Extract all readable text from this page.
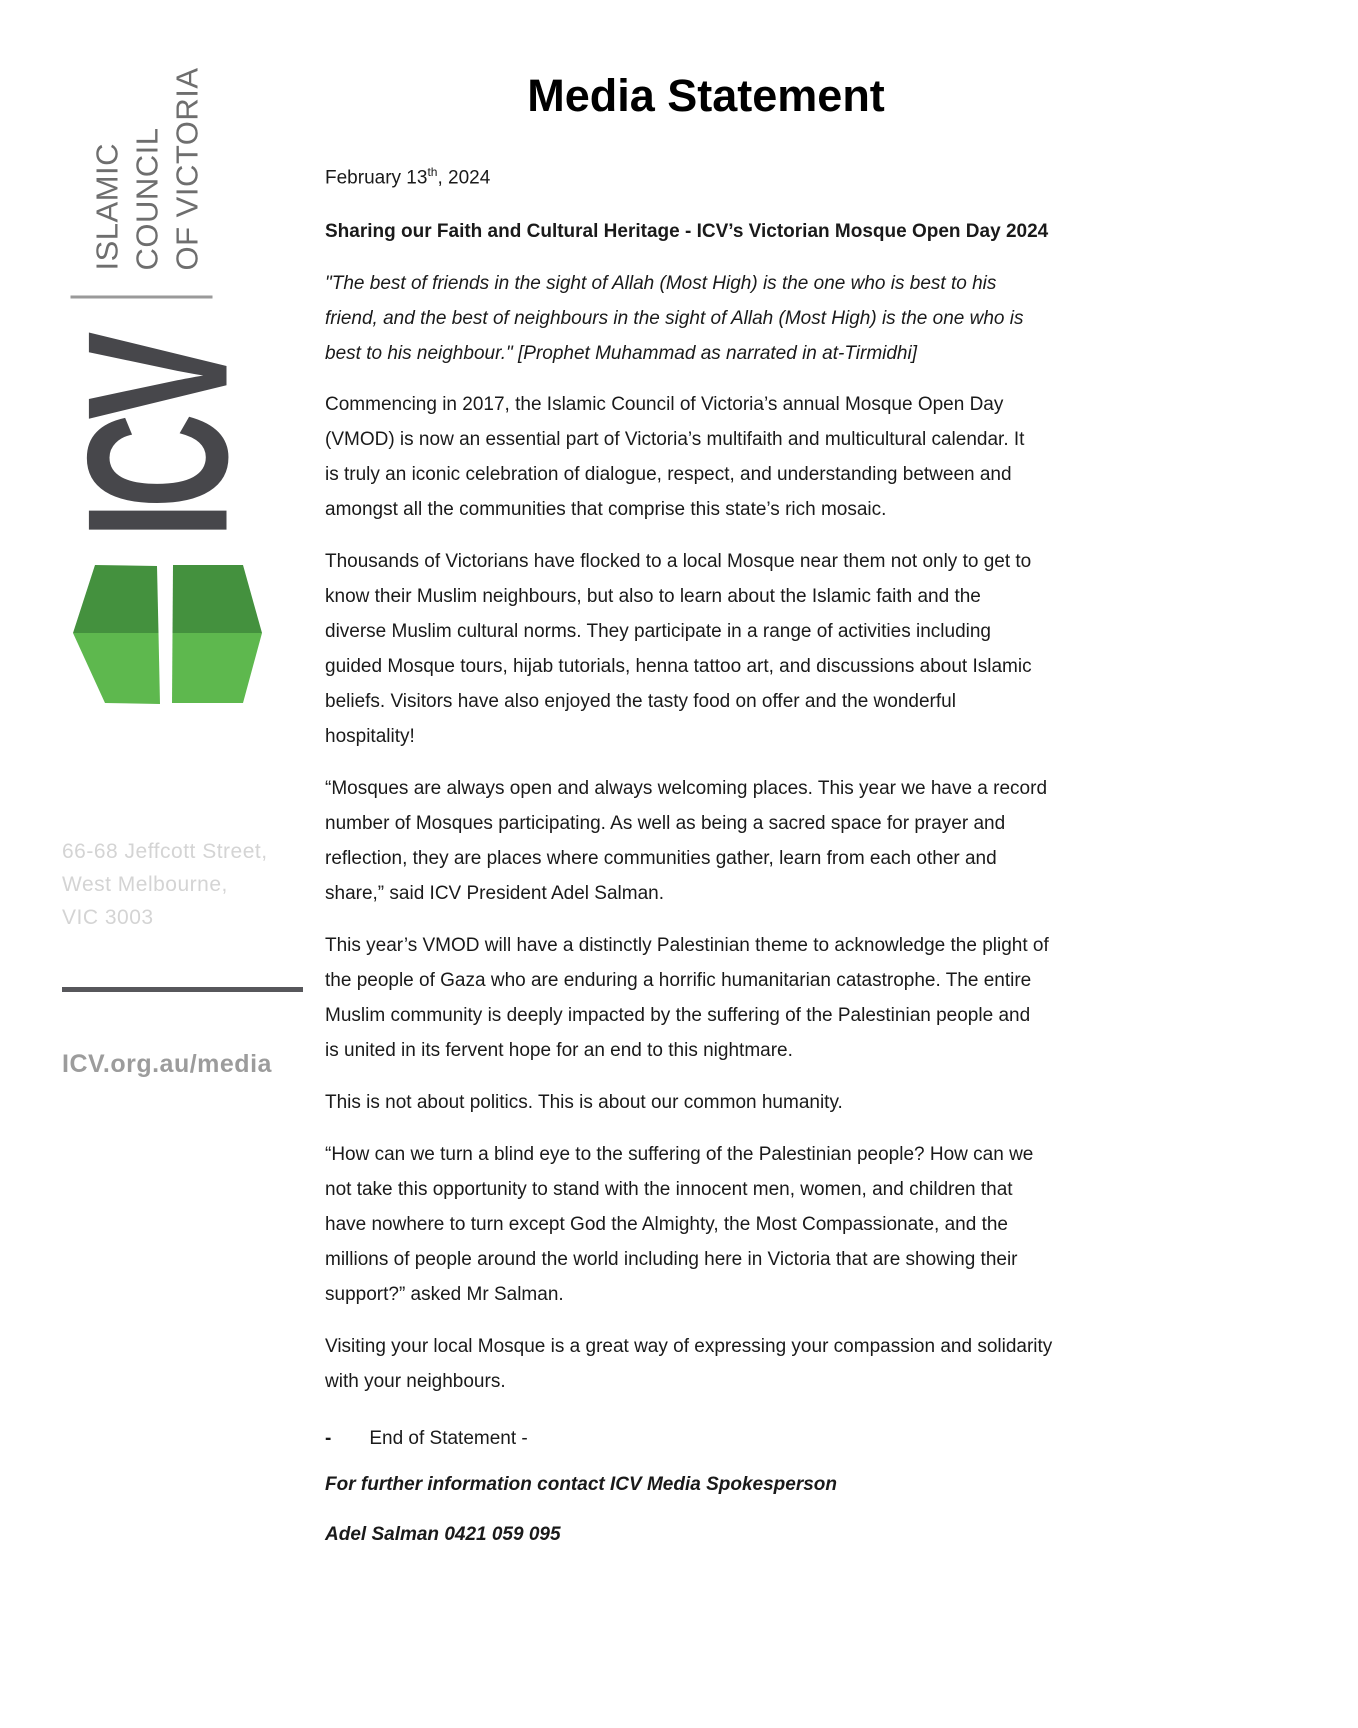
ICV
ISLAMIC COUNCIL OF VICTORIA
66-68 Jeffcott Street,
West Melbourne,
VIC 3003
ICV.org.au/media
Media Statement
February 13th, 2024
Sharing our Faith and Cultural Heritage - ICV’s Victorian Mosque Open Day 2024
"The best of friends in the sight of Allah (Most High) is the one who is best to his
friend, and the best of neighbours in the sight of Allah (Most High) is the one who is
best to his neighbour." [Prophet Muhammad as narrated in at-Tirmidhi]

Commencing in 2017, the Islamic Council of Victoria’s annual Mosque Open Day
(VMOD) is now an essential part of Victoria’s multifaith and multicultural calendar. It
is truly an iconic celebration of dialogue, respect, and understanding between and
amongst all the communities that comprise this state’s rich mosaic.

Thousands of Victorians have flocked to a local Mosque near them not only to get to
know their Muslim neighbours, but also to learn about the Islamic faith and the
diverse Muslim cultural norms. They participate in a range of activities including
guided Mosque tours, hijab tutorials, henna tattoo art, and discussions about Islamic
beliefs. Visitors have also enjoyed the tasty food on offer and the wonderful
hospitality!

“Mosques are always open and always welcoming places. This year we have a record
number of Mosques participating. As well as being a sacred space for prayer and
reflection, they are places where communities gather, learn from each other and
share,” said ICV President Adel Salman.

This year’s VMOD will have a distinctly Palestinian theme to acknowledge the plight of
the people of Gaza who are enduring a horrific humanitarian catastrophe. The entire
Muslim community is deeply impacted by the suffering of the Palestinian people and
is united in its fervent hope for an end to this nightmare.

This is not about politics. This is about our common humanity.

“How can we turn a blind eye to the suffering of the Palestinian people? How can we
not take this opportunity to stand with the innocent men, women, and children that
have nowhere to turn except God the Almighty, the Most Compassionate, and the
millions of people around the world including here in Victoria that are showing their
support?” asked Mr Salman.

Visiting your local Mosque is a great way of expressing your compassion and solidarity
with your neighbours.

- End of Statement -
For further information contact ICV Media Spokesperson
Adel Salman 0421 059 095
